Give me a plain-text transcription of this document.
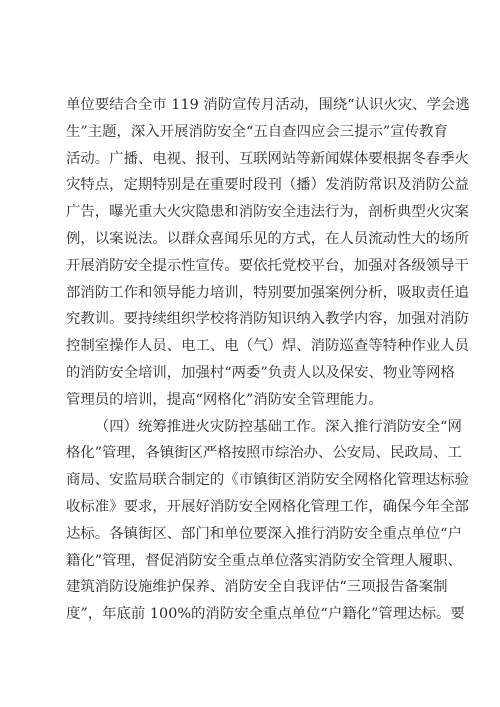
单位要结合全市 119 消防宣传月活动，围绕“认识火灾、学会逃
生”主题，深入开展消防安全“五自查四应会三提示”宣传教育
活动。广播、电视、报刊、互联网站等新闻媒体要根据冬春季火
灾特点，定期特别是在重要时段刊（播）发消防常识及消防公益
广告，曝光重大火灾隐患和消防安全违法行为，剖析典型火灾案
例，以案说法。以群众喜闻乐见的方式，在人员流动性大的场所
开展消防安全提示性宣传。要依托党校平台，加强对各级领导干
部消防工作和领导能力培训，特别要加强案例分析，吸取责任追
究教训。要持续组织学校将消防知识纳入教学内容，加强对消防
控制室操作人员、电工、电（气）焊、消防巡查等特种作业人员
的消防安全培训，加强村“两委”负责人以及保安、物业等网格
管理员的培训，提高“网格化”消防安全管理能力。
（四）统筹推进火灾防控基础工作。深入推行消防安全“网
格化”管理，各镇街区严格按照市综治办、公安局、民政局、工
商局、安监局联合制定的《市镇街区消防安全网格化管理达标验
收标准》要求，开展好消防安全网格化管理工作，确保今年全部
达标。各镇街区、部门和单位要深入推行消防安全重点单位“户
籍化”管理，督促消防安全重点单位落实消防安全管理人履职、
建筑消防设施维护保养、消防安全自我评估“三项报告备案制
度”，年底前 100%的消防安全重点单位“户籍化”管理达标。要
